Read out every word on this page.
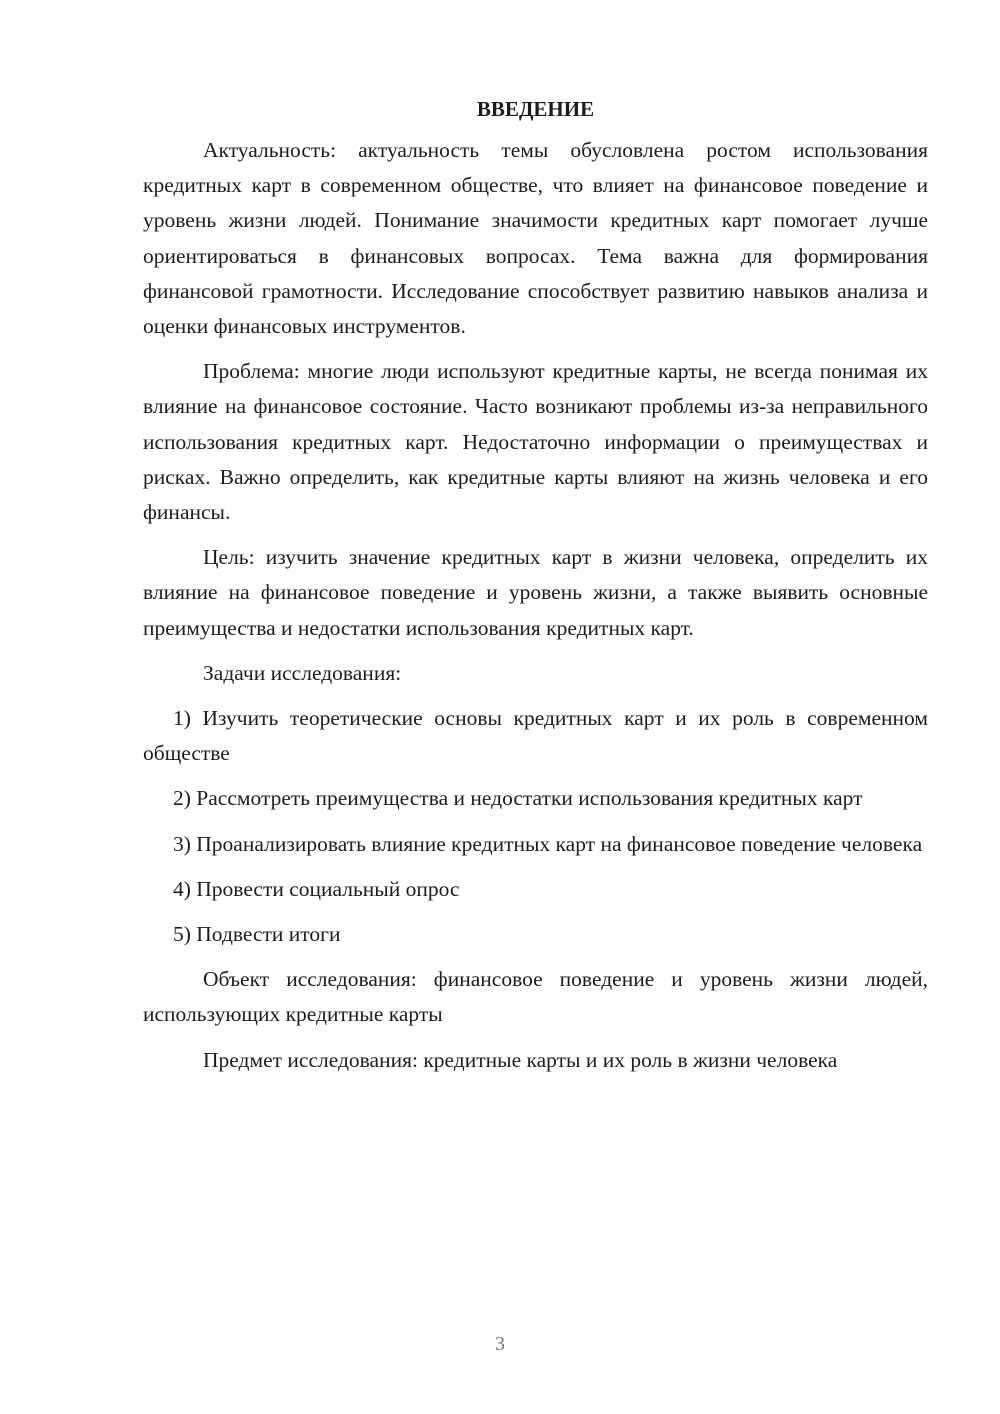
ВВЕДЕНИЕ

Актуальность: актуальность темы обусловлена ростом использования кредитных карт в современном обществе, что влияет на финансовое поведение и уровень жизни людей. Понимание значимости кредитных карт помогает лучше ориентироваться в финансовых вопросах. Тема важна для формирования финансовой грамотности. Исследование способствует развитию навыков анализа и оценки финансовых инструментов.

Проблема: многие люди используют кредитные карты, не всегда понимая их влияние на финансовое состояние. Часто возникают проблемы из-за неправильного использования кредитных карт. Недостаточно информации о преимуществах и рисках. Важно определить, как кредитные карты влияют на жизнь человека и его финансы.

Цель: изучить значение кредитных карт в жизни человека, определить их влияние на финансовое поведение и уровень жизни, а также выявить основные преимущества и недостатки использования кредитных карт.

Задачи исследования:

1) Изучить теоретические основы кредитных карт и их роль в современном обществе

2) Рассмотреть преимущества и недостатки использования кредитных карт

3) Проанализировать влияние кредитных карт на финансовое поведение человека

4) Провести социальный опрос

5) Подвести итоги

Объект исследования: финансовое поведение и уровень жизни людей, использующих кредитные карты

Предмет исследования: кредитные карты и их роль в жизни человека

3
